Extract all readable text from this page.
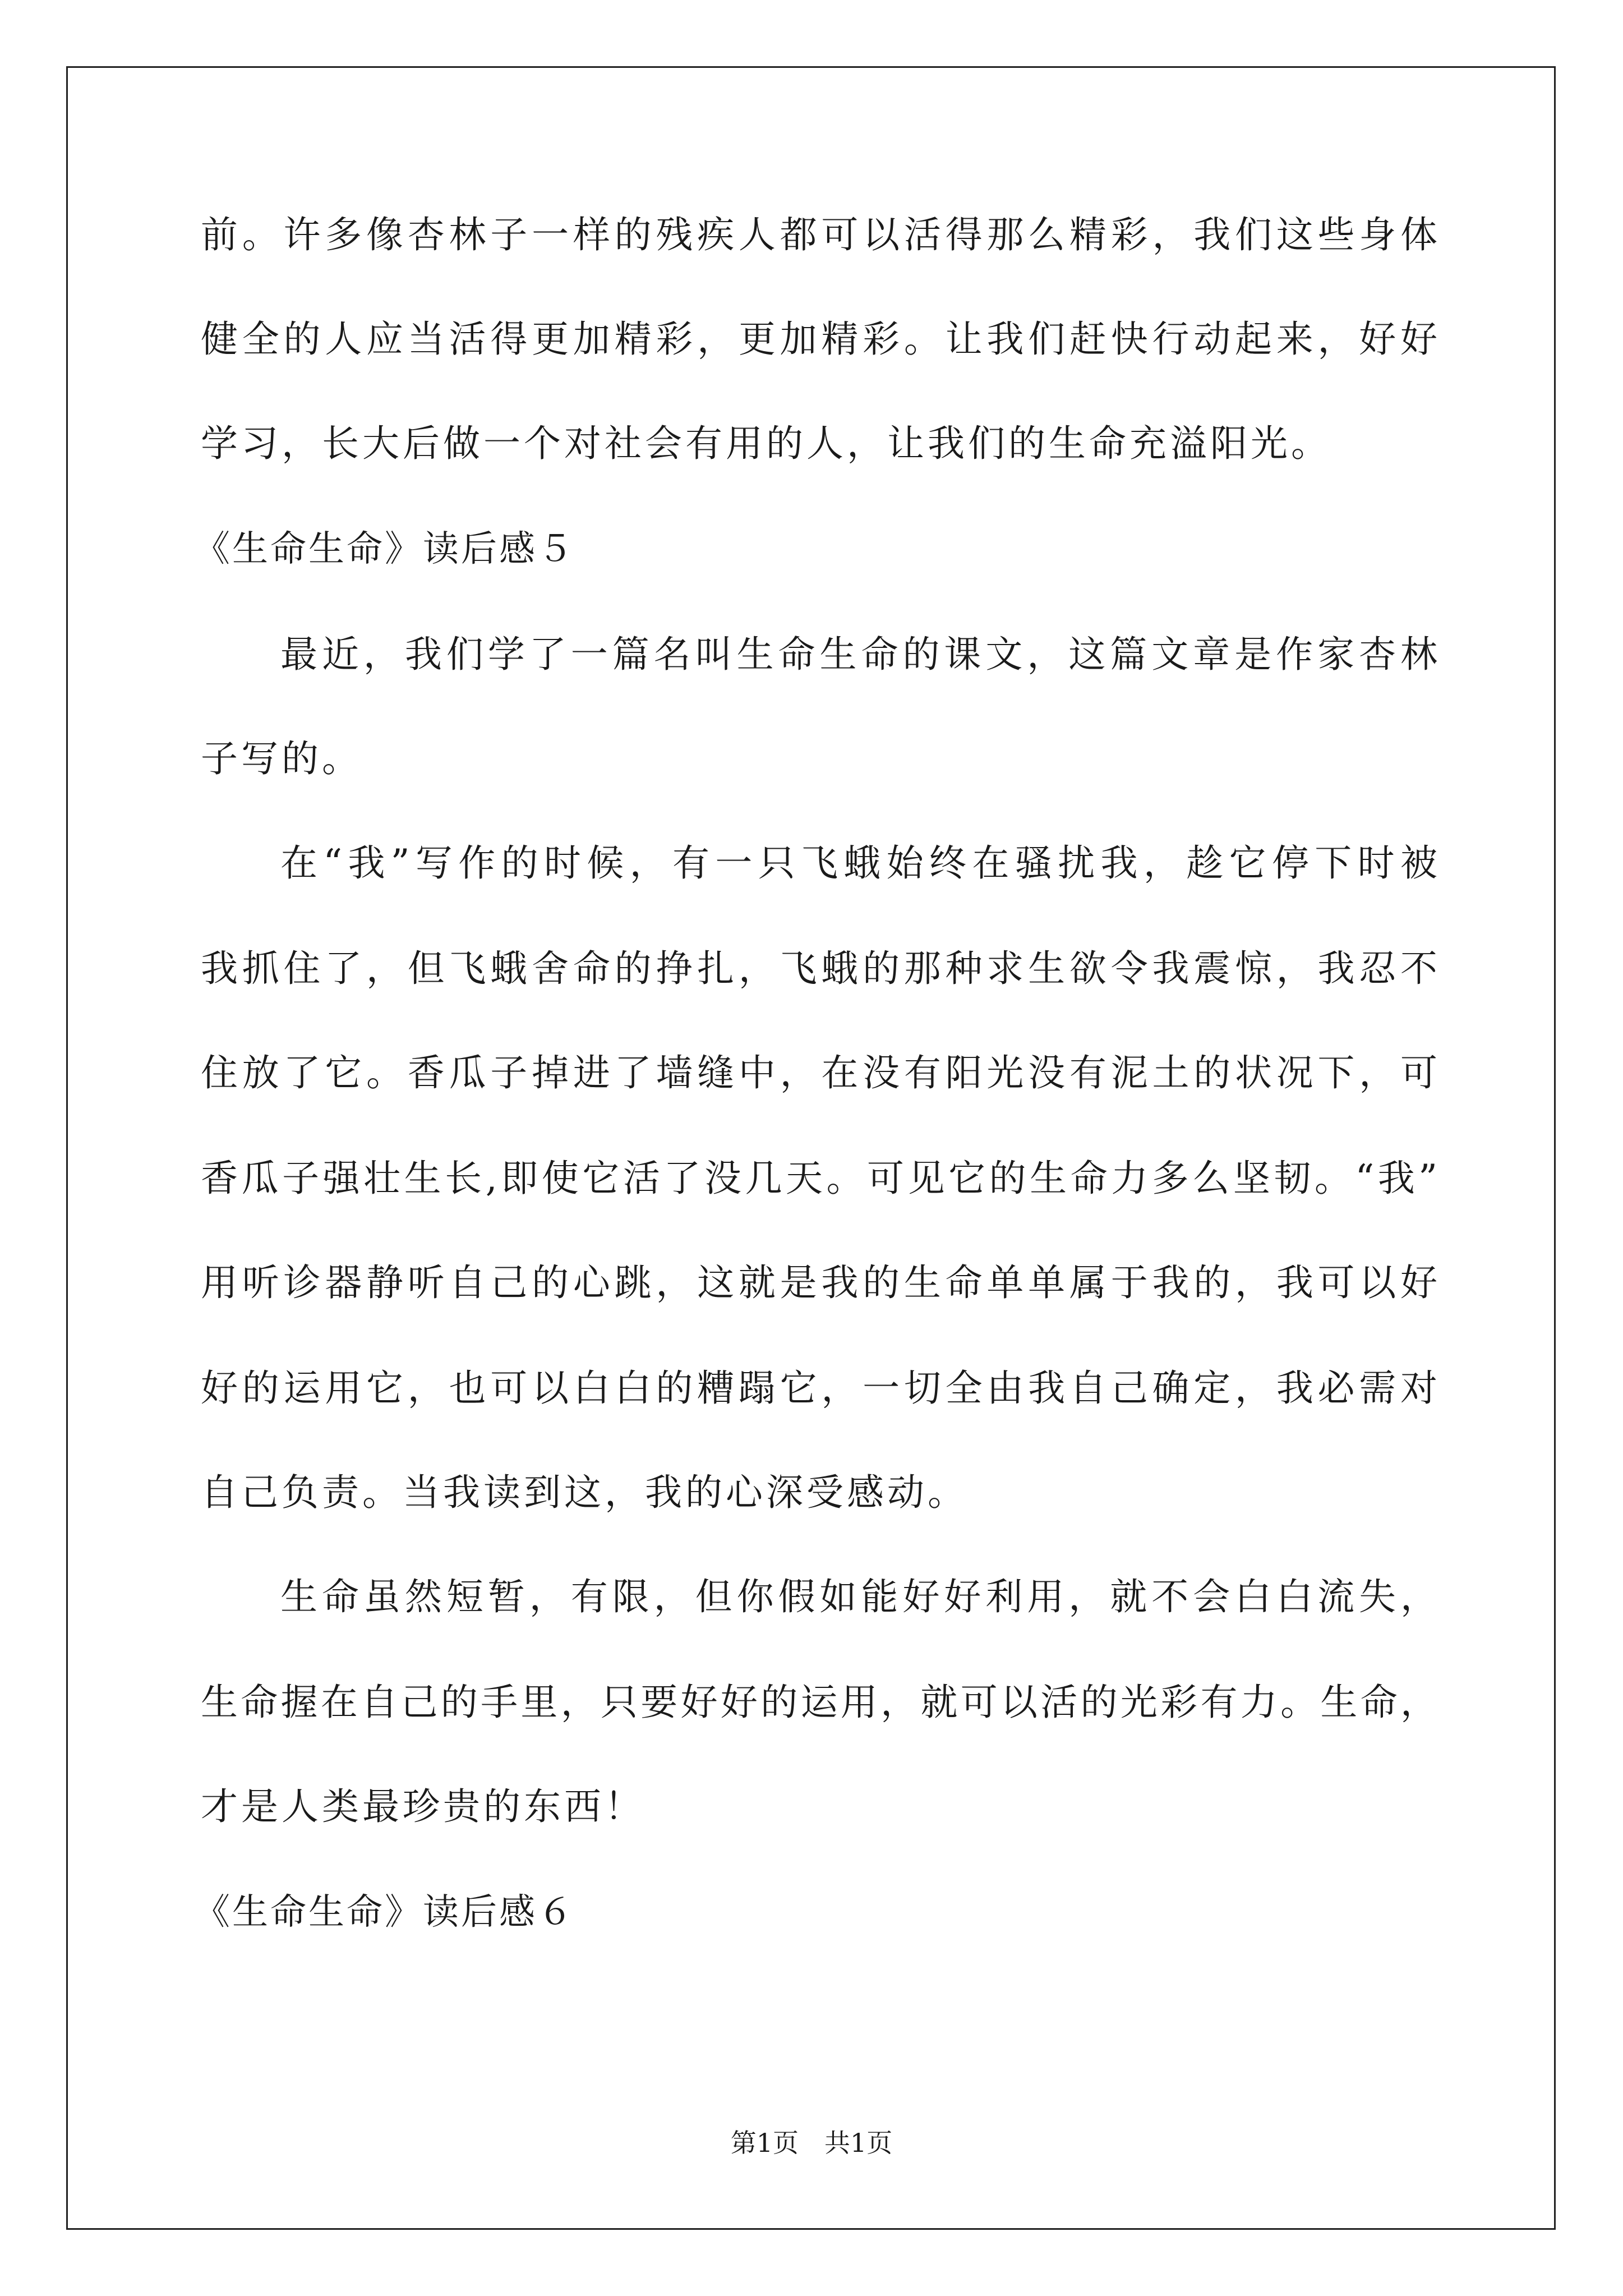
前。许多像杏林子一样的残疾人都可以活得那么精彩，我们这些身体
健全的人应当活得更加精彩，更加精彩。让我们赶快行动起来，好好
学习，长大后做一个对社会有用的人，让我们的生命充溢阳光。
《生命生命》读后感５
最近，我们学了一篇名叫生命生命的课文，这篇文章是作家杏林
子写的。
在“我”写作的时候，有一只飞蛾始终在骚扰我，趁它停下时被
我抓住了，但飞蛾舍命的挣扎，飞蛾的那种求生欲令我震惊，我忍不
住放了它。香瓜子掉进了墙缝中，在没有阳光没有泥土的状况下，可
香瓜子强壮生长,即使它活了没几天。可见它的生命力多么坚韧。“我”
用听诊器静听自己的心跳，这就是我的生命单单属于我的，我可以好
好的运用它，也可以白白的糟蹋它，一切全由我自己确定，我必需对
自己负责。当我读到这，我的心深受感动。
生命虽然短暂，有限，但你假如能好好利用，就不会白白流失，
生命握在自己的手里，只要好好的运用，就可以活的光彩有力。生命，
才是人类最珍贵的东西！
《生命生命》读后感６
第1页　共1页
